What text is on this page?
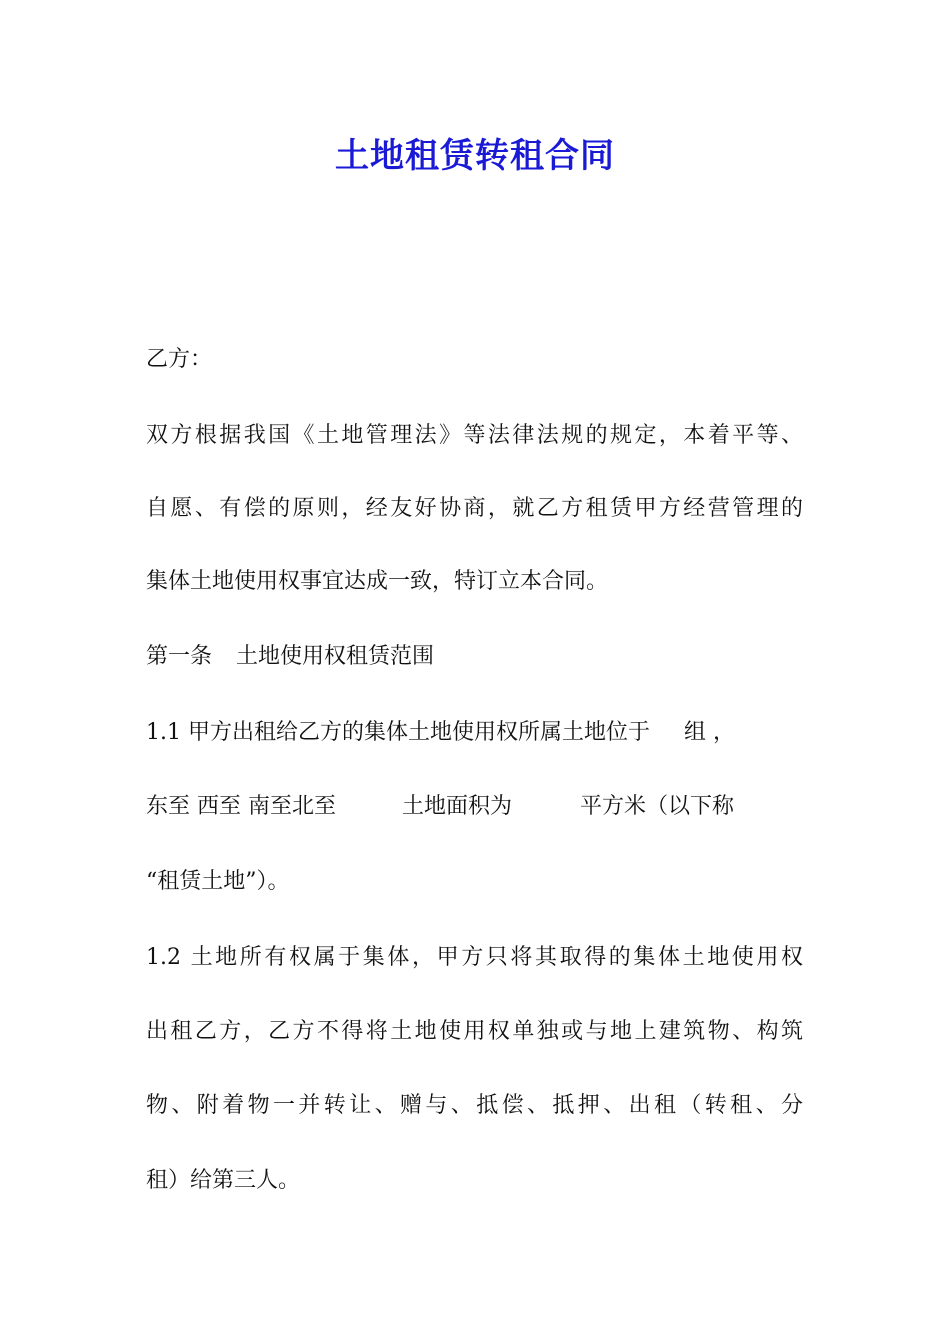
土地租赁转租合同

乙方：

双方根据我国《土地管理法》等法律法规的规定，本着平等、

自愿、有偿的原则，经友好协商，就乙方租赁甲方经营管理的

集体土地使用权事宜达成一致，特订立本合同。

第一条 土地使用权租赁范围

1.1 甲方出租给乙方的集体土地使用权所属土地位于 组 ，

东至 西至 南至北至	土地面积为	平方米（以下称

“租赁土地”）。

1.2 土地所有权属于集体，甲方只将其取得的集体土地使用权

出租乙方，乙方不得将土地使用权单独或与地上建筑物、构筑

物、附着物一并转让、赠与、抵偿、抵押、出租（转租、分

租）给第三人。
